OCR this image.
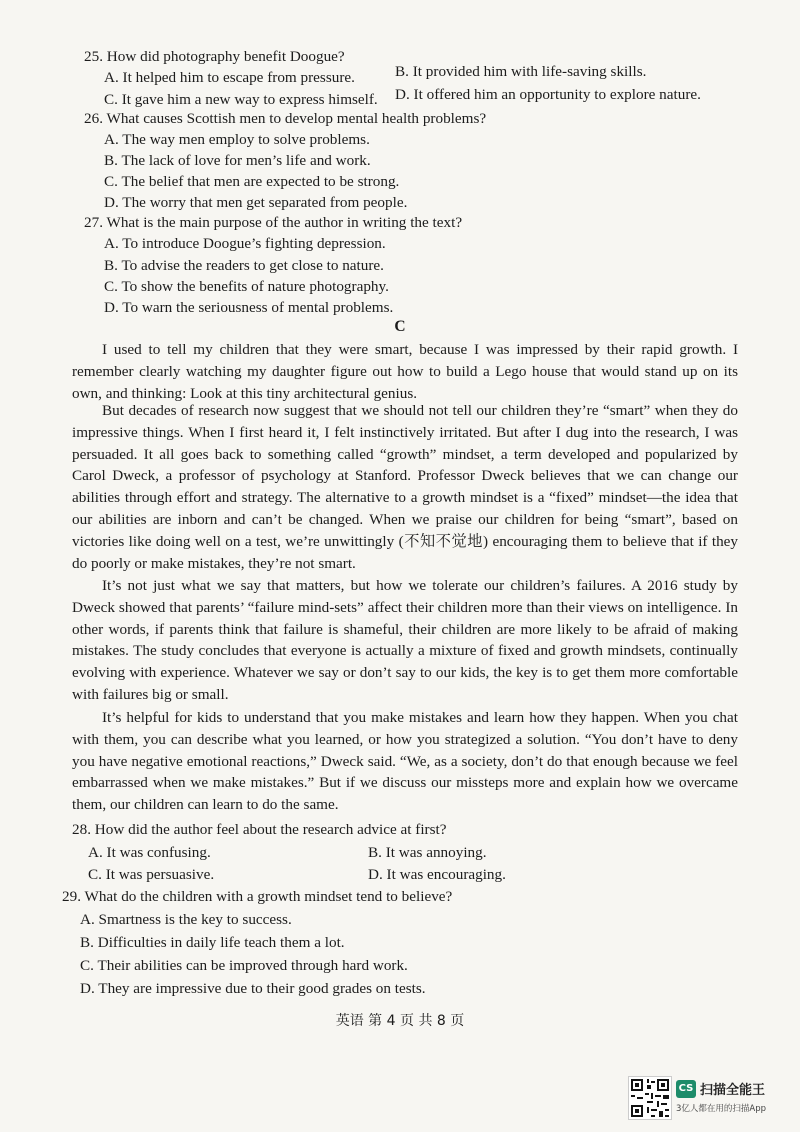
25. How did photography benefit Doogue?
A. It helped him to escape from pressure.	B. It provided him with life-saving skills.
C. It gave him a new way to express himself. D. It offered him an opportunity to explore nature.
26. What causes Scottish men to develop mental health problems?
A. The way men employ to solve problems.
B. The lack of love for men’s life and work.
C. The belief that men are expected to be strong.
D. The worry that men get separated from people.
27. What is the main purpose of the author in writing the text?
A. To introduce Doogue’s fighting depression.
B. To advise the readers to get close to nature.
C. To show the benefits of nature photography.
D. To warn the seriousness of mental problems.
C

I used to tell my children that they were smart, because I was impressed by their rapid growth. I remember clearly watching my daughter figure out how to build a Lego house that would stand up on its own, and thinking: Look at this tiny architectural genius.

But decades of research now suggest that we should not tell our children they’re “smart” when they do impressive things. When I first heard it, I felt instinctively irritated. But after I dug into the research, I was persuaded. It all goes back to something called “growth” mindset, a term developed and popularized by Carol Dweck, a professor of psychology at Stanford. Professor Dweck believes that we can change our abilities through effort and strategy. The alternative to a growth mindset is a “fixed” mindset—the idea that our abilities are inborn and can’t be changed. When we praise our children for being “smart”, based on victories like doing well on a test, we’re unwittingly (不知不觉地) encouraging them to believe that if they do poorly or make mistakes, they’re not smart.

It’s not just what we say that matters, but how we tolerate our children’s failures. A 2016 study by Dweck showed that parents’ “failure mind-sets” affect their children more than their views on intelligence. In other words, if parents think that failure is shameful, their children are more likely to be afraid of making mistakes. The study concludes that everyone is actually a mixture of fixed and growth mindsets, continually evolving with experience. Whatever we say or don’t say to our kids, the key is to get them more comfortable with failures big or small.

It’s helpful for kids to understand that you make mistakes and learn how they happen. When you chat with them, you can describe what you learned, or how you strategized a solution. “You don’t have to deny you have negative emotional reactions,” Dweck said. “We, as a society, don’t do that enough because we feel embarrassed when we make mistakes.” But if we discuss our missteps more and explain how we overcame them, our children can learn to do the same.

28. How did the author feel about the research advice at first?
A. It was confusing.	B. It was annoying.
C. It was persuasive.	D. It was encouraging.
29. What do the children with a growth mindset tend to believe?
A. Smartness is the key to success.
B. Difficulties in daily life teach them a lot.
C. Their abilities can be improved through hard work.
D. They are impressive due to their good grades on tests.
英语 第 4 页 共 8 页
CS 扫描全能王
3亿人都在用的扫描App
